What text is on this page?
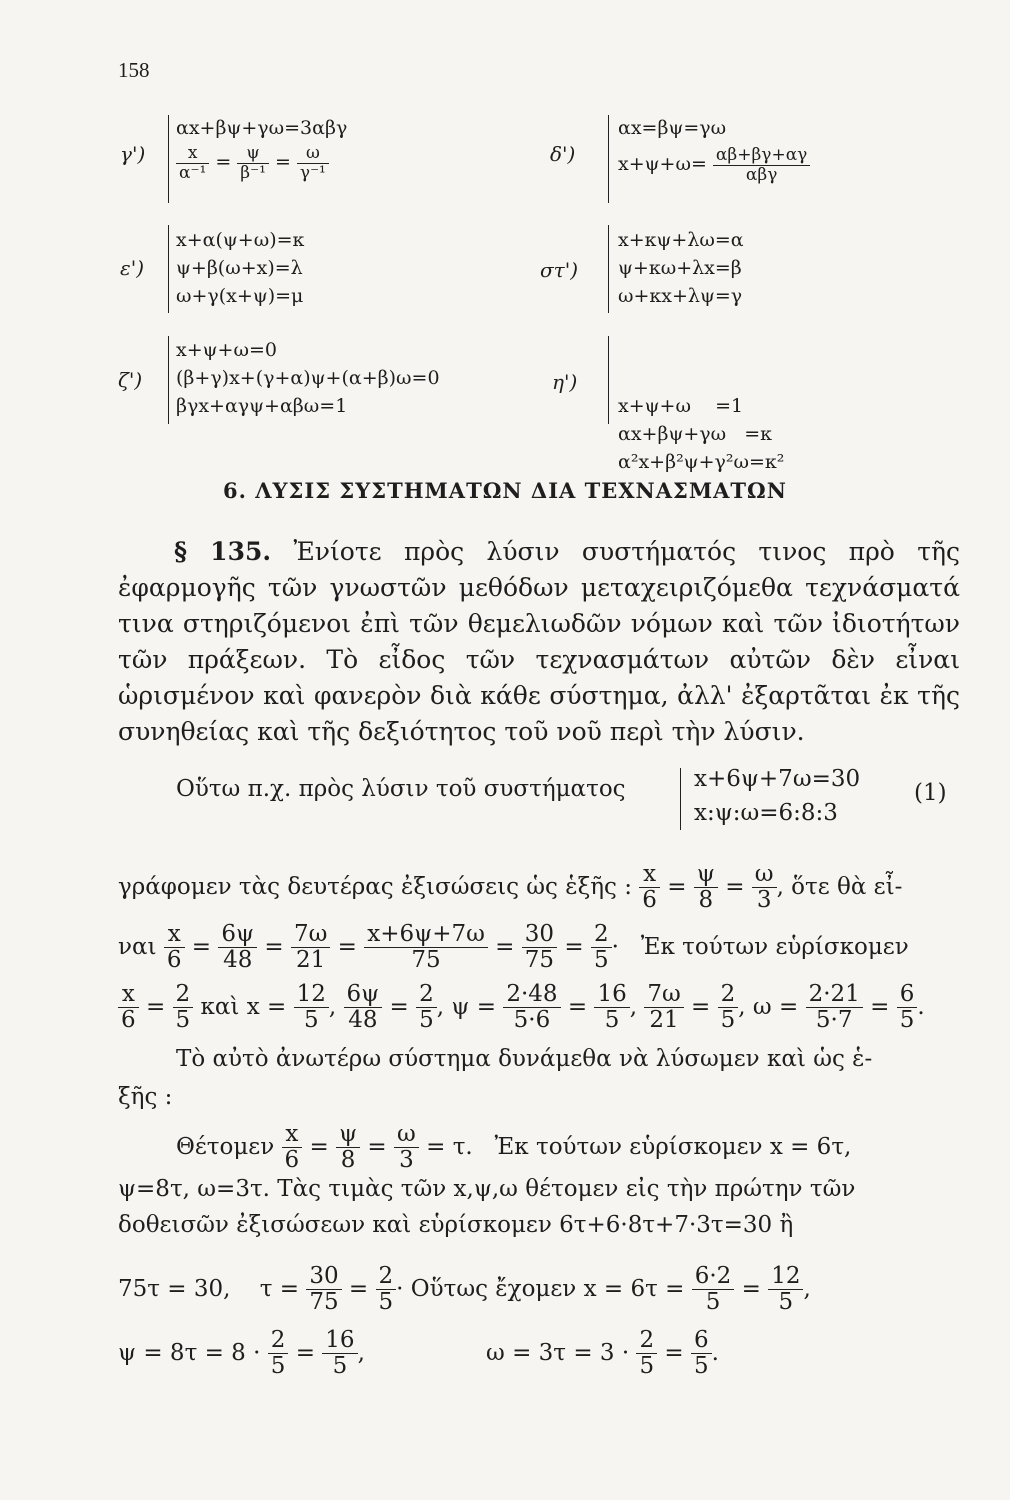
158
γ')
αx+βψ+γω=3αβγ
$\frac{x}{\text{α⁻¹}} = \frac{\psi}{\text{β⁻¹}} = \frac{\omega}{\text{γ⁻¹}}$	δ')
αx=βψ=γω
x+ψ+ω= αβ+βγ+αγ
αβγ
ε')
x+α(ψ+ω)=κ
ψ+β(ω+x)=λ
ω+γ(x+ψ)=μ
στ')
x+κψ+λω=α
ψ+κω+λx=β
ω+κx+λψ=γ
ζ')
x+ψ+ω=0
(β+γ)x+(γ+α)ψ+(α+β)ω=0
βγx+αγψ+αβω=1
η')

x+ψ+ω    =1
αx+βψ+γω   =κ
α²x+β²ψ+γ²ω=κ²

6. ΛΥΣΙΣ ΣΥΣΤΗΜΑΤΩΝ ΔΙΑ ΤΕΧΝΑΣΜΑΤΩΝ
§ 135. Ἐνίοτε πρὸς λύσιν συστήματός τινος πρὸ τῆς ἐφαρμογῆς τῶν γνωστῶν μεθόδων μεταχειριζόμεθα τεχνάσματά τινα στηριζόμενοι ἐπὶ τῶν θεμελιωδῶν νόμων καὶ τῶν ἰδιοτήτων τῶν πράξεων. Τὸ εἶδος τῶν τεχνασμάτων αὐτῶν δὲν εἶναι ὡρισμένον καὶ φανερὸν διὰ κάθε σύστημα, ἀλλ' ἐξαρτᾶται ἐκ τῆς συνηθείας καὶ τῆς δεξιότητος τοῦ νοῦ περὶ τὴν λύσιν.
Οὕτω π.χ. πρὸς λύσιν τοῦ συστήματος	x+6ψ+7ω=30
x:ψ:ω=6:8:3
(1)
γράφομεν τὰς δευτέρας ἐξισώσεις ὡς ἑξῆς : $\frac{x}{6} = \frac{\psi}{8} = \frac{\omega}{3}$ , ὅτε θὰ εἶ-
ναι $\frac{x}{6} = \frac{6\psi}{48} = \frac{7\omega}{21} = \frac{x+6\psi+7\omega}{75} = \frac{30}{75} = \frac{2}{5}$ · Ἐκ τούτων εὑρίσκομεν
$\frac{x}{6} = \frac{2}{5}$ καὶ $x = \frac{12}{5}$ , $\frac{6\psi}{48} = \frac{2}{5}$ , $\psi = \frac{2\cdot 48}{5\cdot 6} = \frac{16}{5}$ , $\frac{7\omega}{21} = \frac{2}{5}$ , $\omega = \frac{2\cdot 21}{5\cdot 7} = \frac{6}{5}$ .
Τὸ αὐτὸ ἀνωτέρω σύστημα δυνάμεθα νὰ λύσωμεν καὶ ὡς ἑ-
ξῆς :
Θέτομεν $\frac{x}{6} = \frac{\psi}{8} = \frac{\omega}{3} = \tau$. Ἐκ τούτων εὑρίσκομεν x = 6τ,
ψ=8τ, ω=3τ. Τὰς τιμὰς τῶν x,ψ,ω θέτομεν εἰς τὴν πρώτην τῶν
δοθεισῶν ἐξισώσεων καὶ εὑρίσκομεν 6τ+6·8τ+7·3τ=30 ἢ
75τ = 30, $\tau = \frac{30}{75} = \frac{2}{5}$ · Οὕτως ἔχομεν $x = 6\tau = \frac{6\cdot 2}{5} = \frac{12}{5}$ ,
$\psi = 8\tau = 8 \cdot \frac{2}{5} = \frac{16}{5}$ ,	$\omega = 3\tau = 3 \cdot \frac{2}{5} = \frac{6}{5}$ .
